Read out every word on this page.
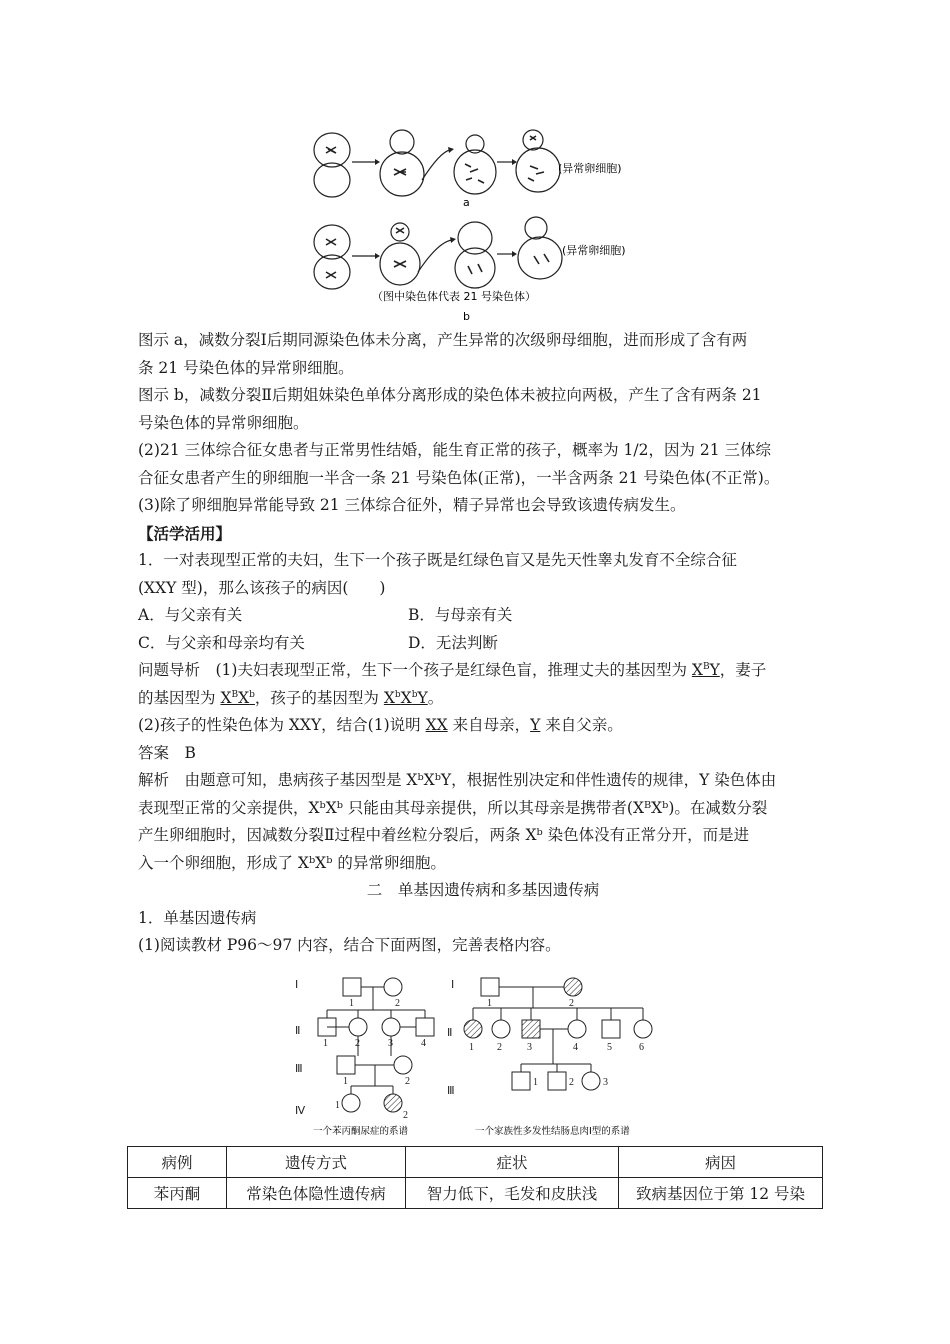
(异常卵细胞)
a
(异常卵细胞)
（图中染色体代表 21 号染色体）
b
图示 a，减数分裂Ⅰ后期同源染色体未分离，产生异常的次级卵母细胞，进而形成了含有两
条 21 号染色体的异常卵细胞。
图示 b，减数分裂Ⅱ后期姐妹染色单体分离形成的染色体未被拉向两极，产生了含有两条 21
号染色体的异常卵细胞。
(2)21 三体综合征女患者与正常男性结婚，能生育正常的孩子，概率为 1/2，因为 21 三体综
合征女患者产生的卵细胞一半含一条 21 号染色体(正常)，一半含两条 21 号染色体(不正常)。
(3)除了卵细胞异常能导致 21 三体综合征外，精子异常也会导致该遗传病发生。
【活学活用】
1．一对表现型正常的夫妇，生下一个孩子既是红绿色盲又是先天性睾丸发育不全综合征
(XXY 型)，那么该孩子的病因(　　)
A．与父亲有关	B．与母亲有关
C．与父亲和母亲均有关	D．无法判断
问题导析　(1)夫妇表现型正常，生下一个孩子是红绿色盲，推理丈夫的基因型为 $X^BY$，妻子
的基因型为 $X^BX^b$，孩子的基因型为 $X^bX^bY$。
(2)孩子的性染色体为 XXY，结合(1)说明 XX 来自母亲，Y 来自父亲。
答案　B
解析　由题意可知，患病孩子基因型是 XᵇXᵇY，根据性别决定和伴性遗传的规律，Y 染色体由
表现型正常的父亲提供，XᵇXᵇ 只能由其母亲提供，所以其母亲是携带者(XᴮXᵇ)。在减数分裂
产生卵细胞时，因减数分裂Ⅱ过程中着丝粒分裂后，两条 Xᵇ 染色体没有正常分开，而是进
入一个卵细胞，形成了 XᵇXᵇ 的异常卵细胞。
二　单基因遗传病和多基因遗传病
1．单基因遗传病
(1)阅读教材 P96～97 内容，结合下面两图，完善表格内容。
Ⅰ
Ⅱ
Ⅲ
Ⅳ
Ⅰ
Ⅱ
Ⅲ
1	2
1	2	3	4
1	2
1
2
1	2
1 2	3	4	5	6
1	2	3
一个苯丙酮尿症的系谱	一个家族性多发性结肠息肉Ⅰ型的系谱
病例	遗传方式	症状	病因
苯丙酮	常染色体隐性遗传病	智力低下，毛发和皮肤浅	致病基因位于第 12 号染
